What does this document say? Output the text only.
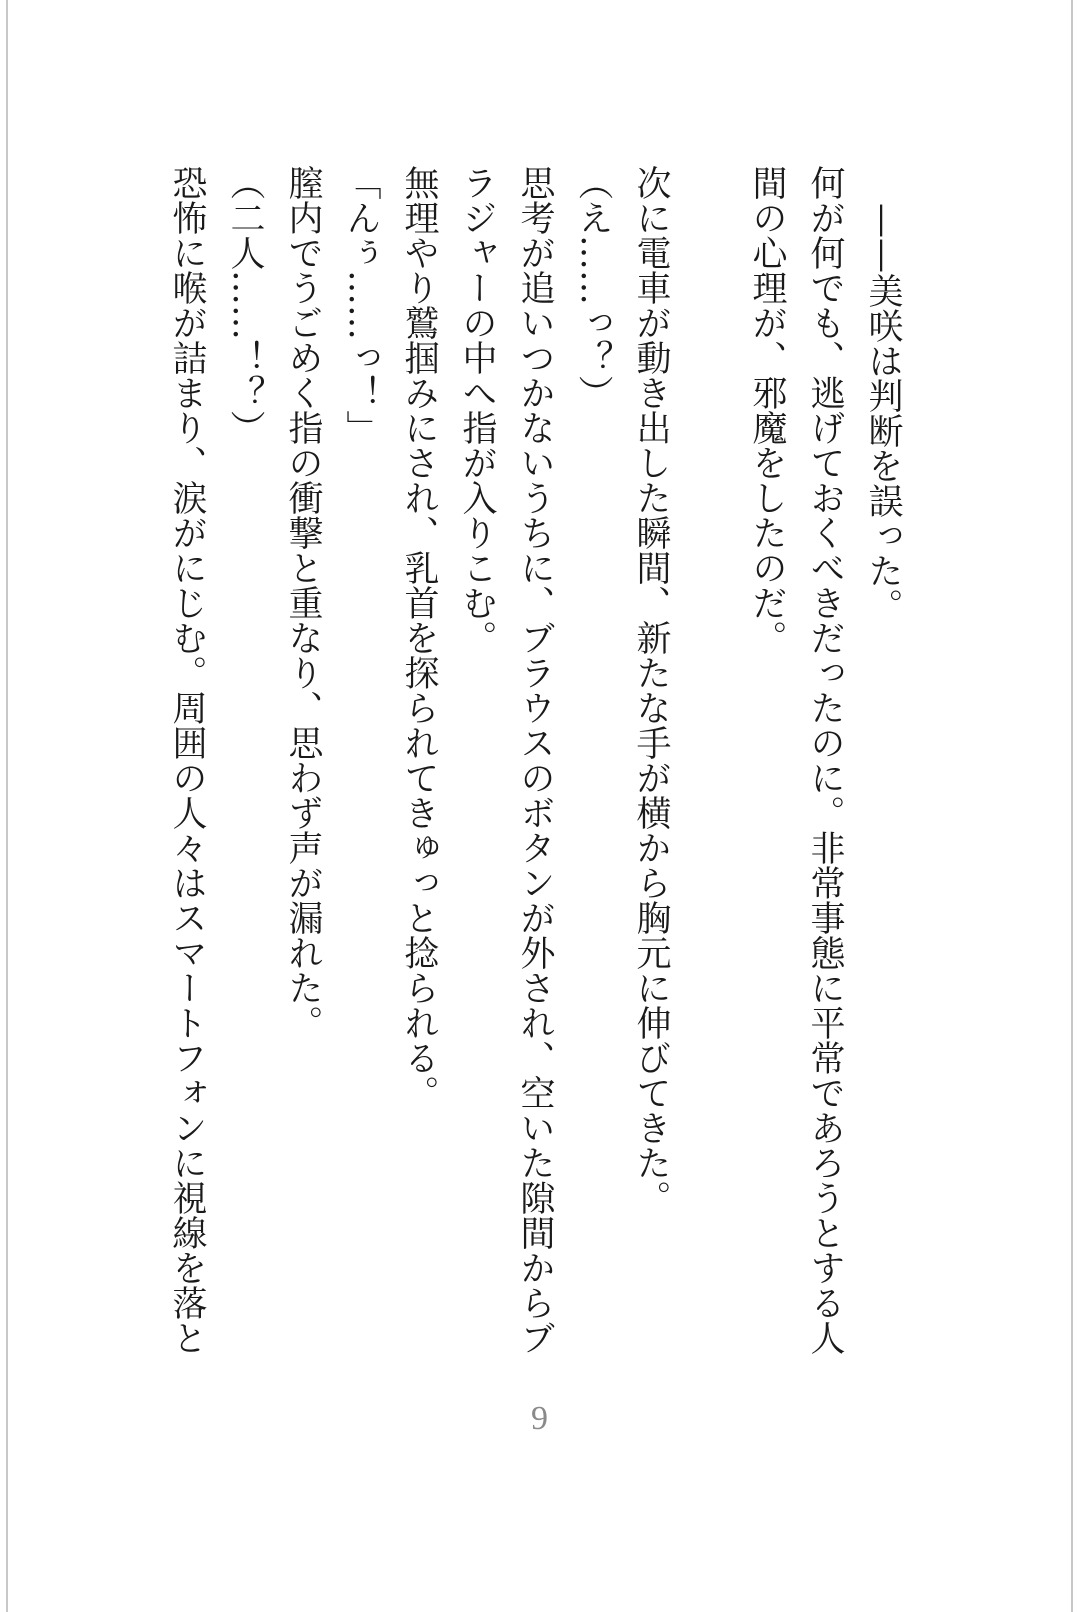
——美咲は判断を誤った。

何が何でも、逃げておくべきだったのに。非常事態に平常であろうとする人

間の心理が、邪魔をしたのだ。

次に電車が動き出した瞬間、新たな手が横から胸元に伸びてきた。

（え……っ？）

思考が追いつかないうちに、ブラウスのボタンが外され、空いた隙間からブ

ラジャーの中へ指が入りこむ。

無理やり鷲掴みにされ、乳首を探られてきゅっと捻られる。

「んぅ……っ！」

膣内でうごめく指の衝撃と重なり、思わず声が漏れた。

（二人……！？）

恐怖に喉が詰まり、涙がにじむ。周囲の人々はスマートフォンに視線を落と

9
